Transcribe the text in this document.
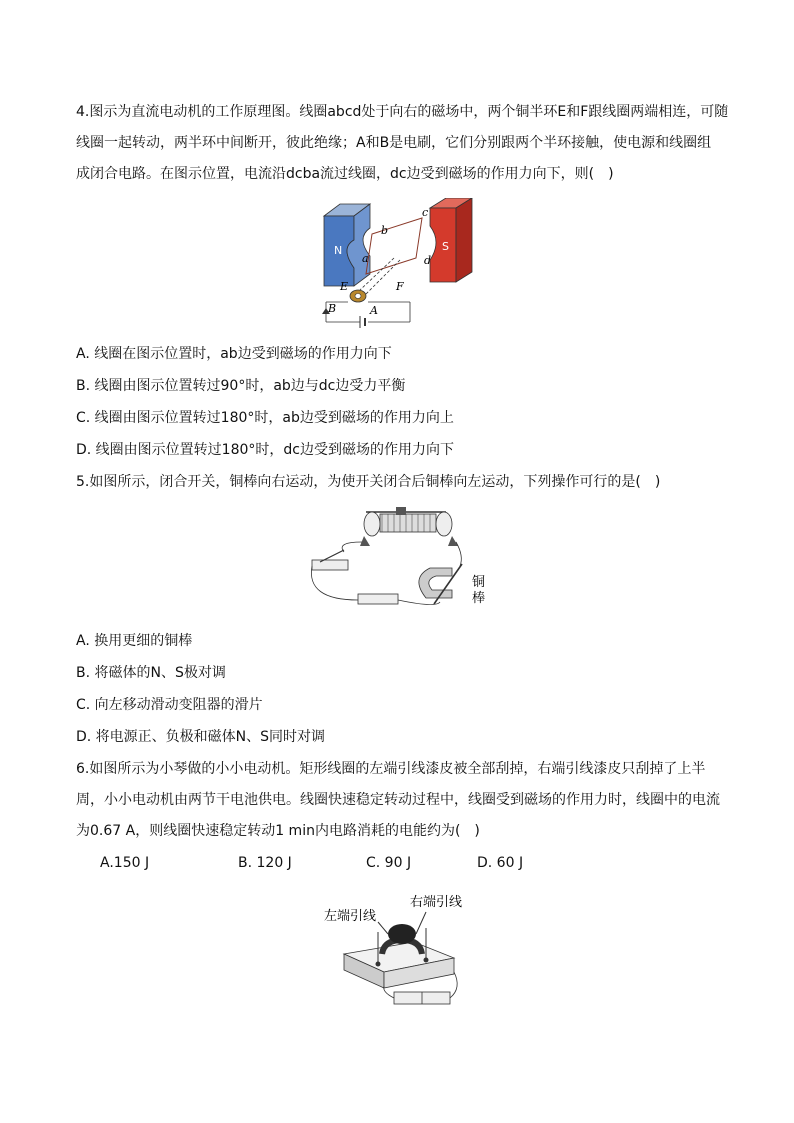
4.图示为直流电动机的工作原理图。线圈abcd处于向右的磁场中，两个铜半环E和F跟线圈两端相连，可随
线圈一起转动，两半环中间断开，彼此绝缘；A和B是电刷，它们分别跟两个半环接触，使电源和线圈组
成闭合电路。在图示位置，电流沿dcba流过线圈，dc边受到磁场的作用力向下，则(　)
N	S
a
b
c
d
E	F
B	A
A. 线圈在图示位置时，ab边受到磁场的作用力向下
B. 线圈由图示位置转过90°时，ab边与dc边受力平衡
C. 线圈由图示位置转过180°时，ab边受到磁场的作用力向上
D. 线圈由图示位置转过180°时，dc边受到磁场的作用力向下
5.如图所示，闭合开关，铜棒向右运动，为使开关闭合后铜棒向左运动，下列操作可行的是(　)
铜
棒
A. 换用更细的铜棒
B. 将磁体的N、S极对调
C. 向左移动滑动变阻器的滑片
D. 将电源正、负极和磁体N、S同时对调
6.如图所示为小琴做的小小电动机。矩形线圈的左端引线漆皮被全部刮掉，右端引线漆皮只刮掉了上半
周，小小电动机由两节干电池供电。线圈快速稳定转动过程中，线圈受到磁场的作用力时，线圈中的电流
为0.67 A，则线圈快速稳定转动1 min内电路消耗的电能约为(　)
A.150 J	B. 120 J	C. 90 J	D. 60 J
左端引线
右端引线
